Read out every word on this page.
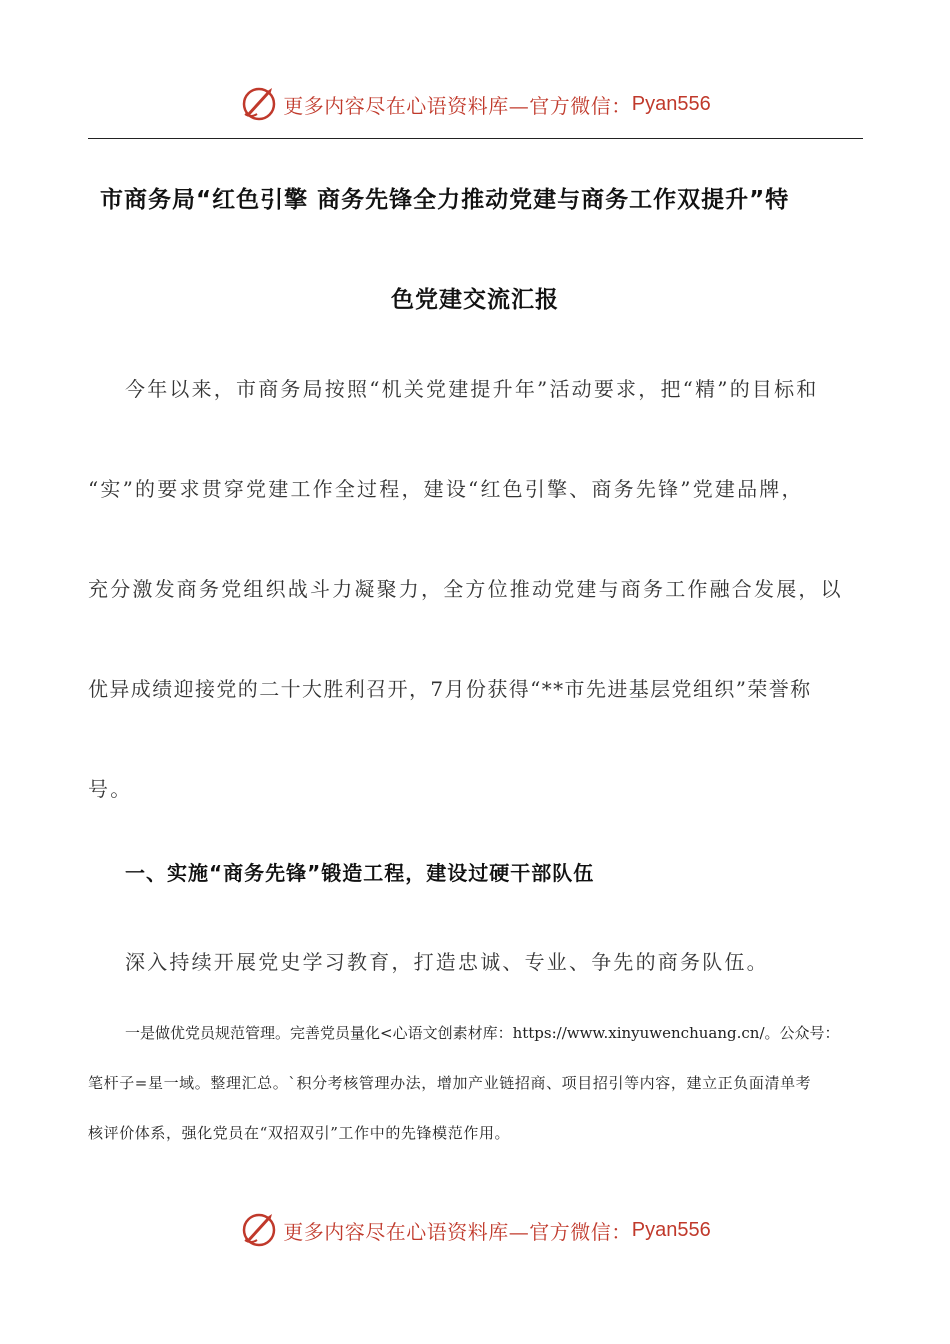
更多内容尽在心语资料库—官方微信： Pyan556
市商务局“红色引擎 商务先锋全力推动党建与商务工作双提升”特
色党建交流汇报
今年以来，市商务局按照“机关党建提升年”活动要求，把“精”的目标和
“实”的要求贯穿党建工作全过程，建设“红色引擎、商务先锋”党建品牌，
充分激发商务党组织战斗力凝聚力，全方位推动党建与商务工作融合发展，以
优异成绩迎接党的二十大胜利召开，7月份获得“**市先进基层党组织”荣誉称
号。
一、实施“商务先锋”锻造工程，建设过硬干部队伍
深入持续开展党史学习教育，打造忠诚、专业、争先的商务队伍。
一是做优党员规范管理。完善党员量化<心语文创素材库：https://www.xinyuwenchuang.cn/。公众号：
笔杆子=星一域。整理汇总。`积分考核管理办法，增加产业链招商、项目招引等内容，建立正负面清单考
核评价体系，强化党员在“双招双引”工作中的先锋模范作用。
更多内容尽在心语资料库—官方微信： Pyan556
